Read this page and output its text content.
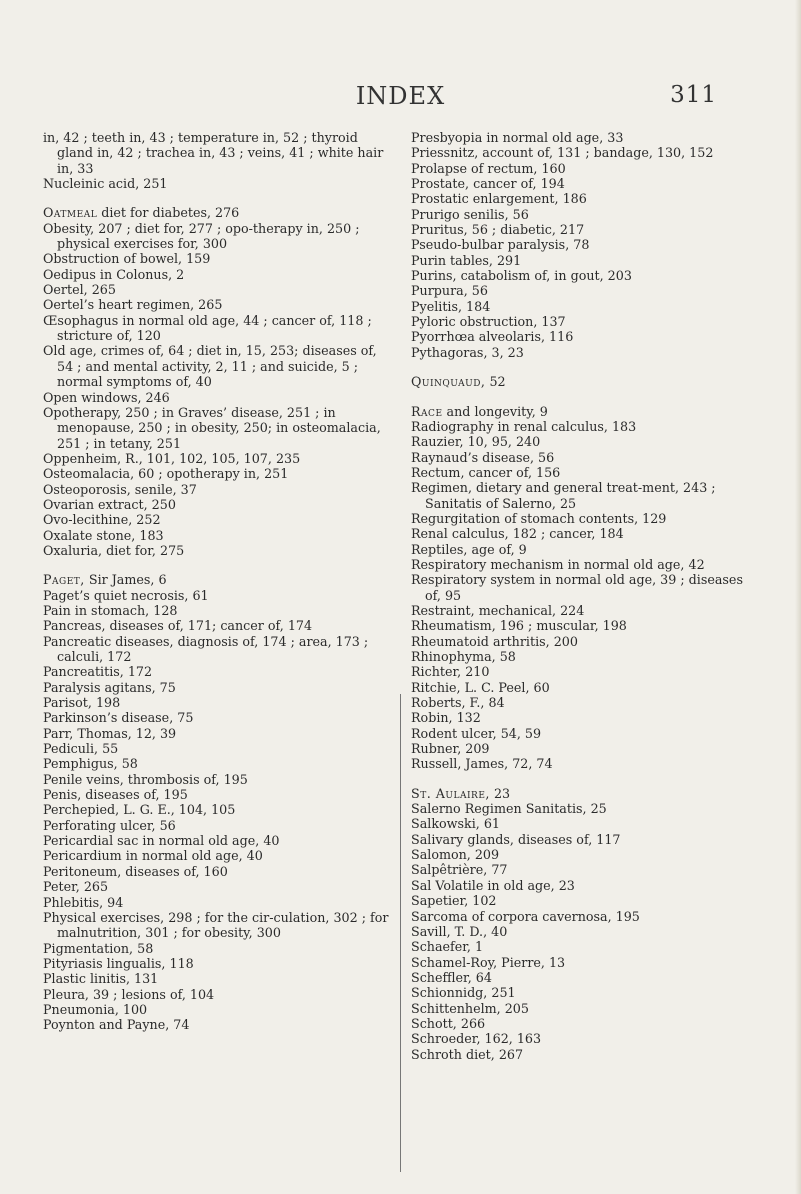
INDEX	311

in, 42 ; teeth in, 43 ; temperature in, 52 ; thyroid gland in, 42 ; trachea in, 43 ; veins, 41 ; white hair in, 33

Nucleinic acid, 251

Oatmeal diet for diabetes, 276

Obesity, 207 ; diet for, 277 ; opo-therapy in, 250 ; physical exercises for, 300

Obstruction of bowel, 159

Oedipus in Colonus, 2

Oertel, 265

Oertel’s heart regimen, 265

Œsophagus in normal old age, 44 ; cancer of, 118 ; stricture of, 120

Old age, crimes of, 64 ; diet in, 15, 253; diseases of, 54 ; and mental activity, 2, 11 ; and suicide, 5 ; normal symptoms of, 40

Open windows, 246

Opotherapy, 250 ; in Graves’ disease, 251 ; in menopause, 250 ; in obesity, 250; in osteomalacia, 251 ; in tetany, 251

Oppenheim, R., 101, 102, 105, 107, 235

Osteomalacia, 60 ; opotherapy in, 251

Osteoporosis, senile, 37

Ovarian extract, 250

Ovo-lecithine, 252

Oxalate stone, 183

Oxaluria, diet for, 275

Paget, Sir James, 6

Paget’s quiet necrosis, 61

Pain in stomach, 128

Pancreas, diseases of, 171; cancer of, 174

Pancreatic diseases, diagnosis of, 174 ; area, 173 ; calculi, 172

Pancreatitis, 172

Paralysis agitans, 75

Parisot, 198

Parkinson’s disease, 75

Parr, Thomas, 12, 39

Pediculi, 55

Pemphigus, 58

Penile veins, thrombosis of, 195

Penis, diseases of, 195

Perchepied, L. G. E., 104, 105

Perforating ulcer, 56

Pericardial sac in normal old age, 40

Pericardium in normal old age, 40

Peritoneum, diseases of, 160

Peter, 265

Phlebitis, 94

Physical exercises, 298 ; for the cir-culation, 302 ; for malnutrition, 301 ; for obesity, 300

Pigmentation, 58

Pityriasis lingualis, 118

Plastic linitis, 131

Pleura, 39 ; lesions of, 104

Pneumonia, 100

Poynton and Payne, 74

Presbyopia in normal old age, 33

Priessnitz, account of, 131 ; bandage, 130, 152

Prolapse of rectum, 160

Prostate, cancer of, 194

Prostatic enlargement, 186

Prurigo senilis, 56

Pruritus, 56 ; diabetic, 217

Pseudo-bulbar paralysis, 78

Purin tables, 291

Purins, catabolism of, in gout, 203

Purpura, 56

Pyelitis, 184

Pyloric obstruction, 137

Pyorrhœa alveolaris, 116

Pythagoras, 3, 23

Quinquaud, 52

Race and longevity, 9

Radiography in renal calculus, 183

Rauzier, 10, 95, 240

Raynaud’s disease, 56

Rectum, cancer of, 156

Regimen, dietary and general treat-ment, 243 ; Sanitatis of Salerno, 25

Regurgitation of stomach contents, 129

Renal calculus, 182 ; cancer, 184

Reptiles, age of, 9

Respiratory mechanism in normal old age, 42

Respiratory system in normal old age, 39 ; diseases of, 95

Restraint, mechanical, 224

Rheumatism, 196 ; muscular, 198

Rheumatoid arthritis, 200

Rhinophyma, 58

Richter, 210

Ritchie, L. C. Peel, 60

Roberts, F., 84

Robin, 132

Rodent ulcer, 54, 59

Rubner, 209

Russell, James, 72, 74

St. Aulaire, 23

Salerno Regimen Sanitatis, 25

Salkowski, 61

Salivary glands, diseases of, 117

Salomon, 209

Salpêtrière, 77

Sal Volatile in old age, 23

Sapetier, 102

Sarcoma of corpora cavernosa, 195

Savill, T. D., 40

Schaefer, 1

Schamel-Roy, Pierre, 13

Scheffler, 64

Schionnidg, 251

Schittenhelm, 205

Schott, 266

Schroeder, 162, 163

Schroth diet, 267
